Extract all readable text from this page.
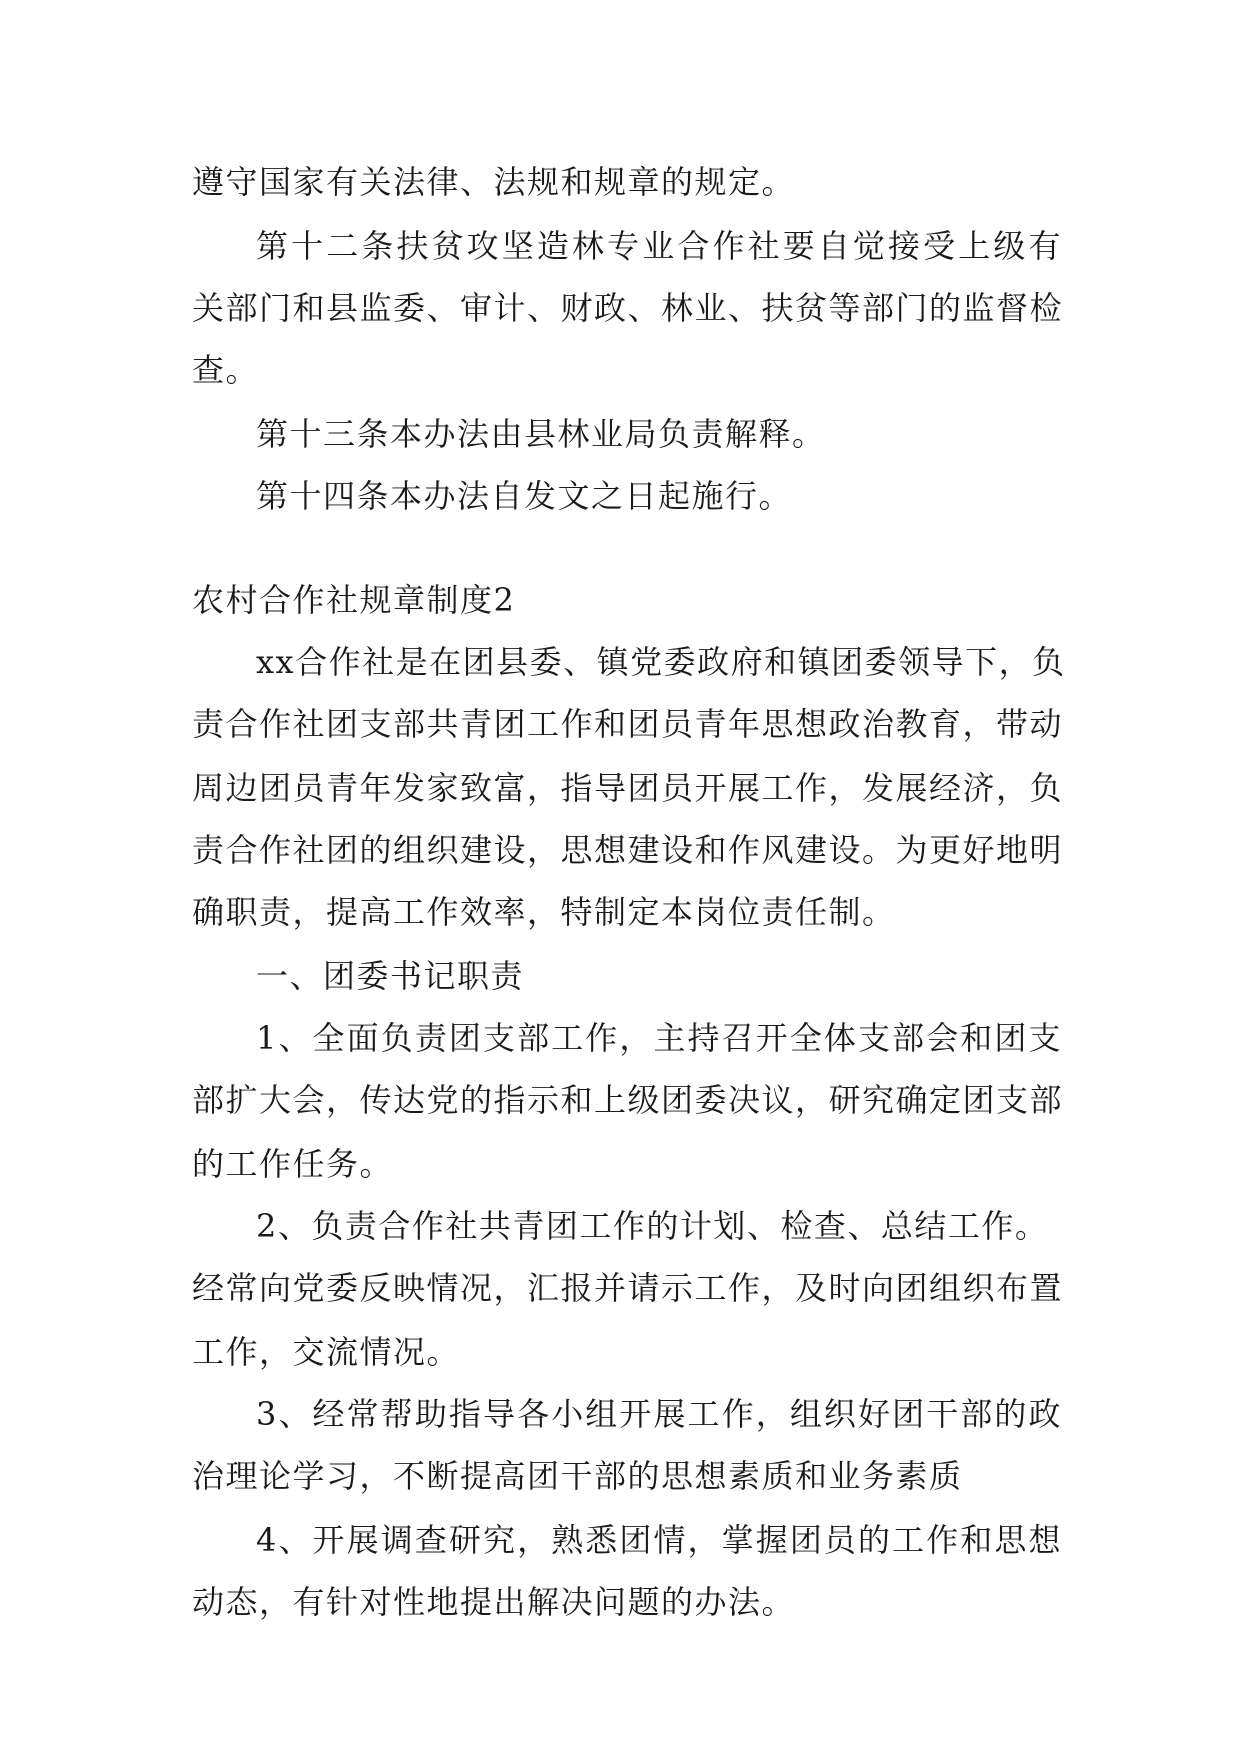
遵守国家有关法律、法规和规章的规定。
第十二条扶贫攻坚造林专业合作社要自觉接受上级有
关部门和县监委、审计、财政、林业、扶贫等部门的监督检
查。
第十三条本办法由县林业局负责解释。
第十四条本办法自发文之日起施行。
农村合作社规章制度2
xx合作社是在团县委、镇党委政府和镇团委领导下，负
责合作社团支部共青团工作和团员青年思想政治教育，带动
周边团员青年发家致富，指导团员开展工作，发展经济，负
责合作社团的组织建设，思想建设和作风建设。为更好地明
确职责，提高工作效率，特制定本岗位责任制。
一、团委书记职责
1、全面负责团支部工作，主持召开全体支部会和团支
部扩大会，传达党的指示和上级团委决议，研究确定团支部
的工作任务。
2、负责合作社共青团工作的计划、检查、总结工作。
经常向党委反映情况，汇报并请示工作，及时向团组织布置
工作，交流情况。
3、经常帮助指导各小组开展工作，组织好团干部的政
治理论学习，不断提高团干部的思想素质和业务素质
4、开展调查研究，熟悉团情，掌握团员的工作和思想
动态，有针对性地提出解决问题的办法。
